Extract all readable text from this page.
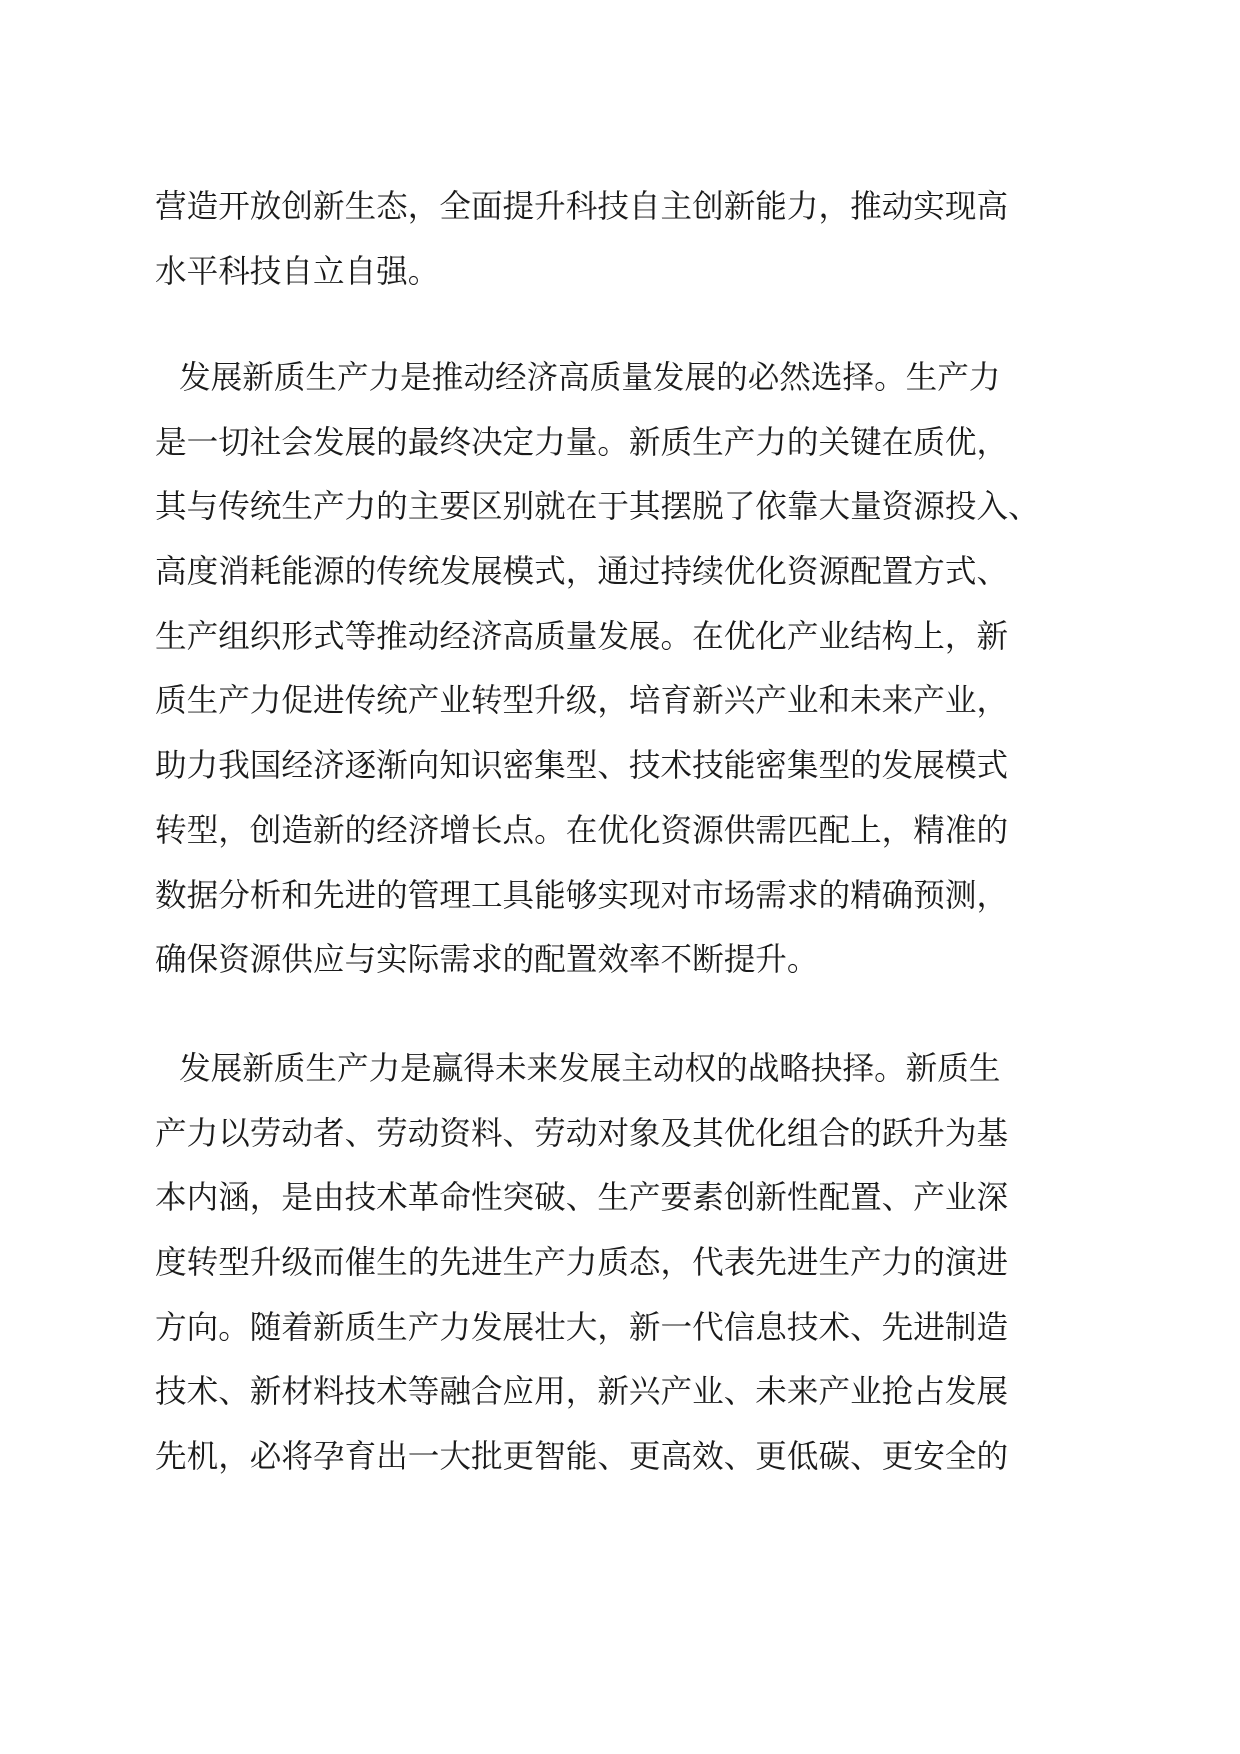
营造开放创新生态，全面提升科技自主创新能力，推动实现高
水平科技自立自强。
发展新质生产力是推动经济高质量发展的必然选择。生产力
是一切社会发展的最终决定力量。新质生产力的关键在质优，
其与传统生产力的主要区别就在于其摆脱了依靠大量资源投入、
高度消耗能源的传统发展模式，通过持续优化资源配置方式、
生产组织形式等推动经济高质量发展。在优化产业结构上，新
质生产力促进传统产业转型升级，培育新兴产业和未来产业，
助力我国经济逐渐向知识密集型、技术技能密集型的发展模式
转型，创造新的经济增长点。在优化资源供需匹配上，精准的
数据分析和先进的管理工具能够实现对市场需求的精确预测，
确保资源供应与实际需求的配置效率不断提升。
发展新质生产力是赢得未来发展主动权的战略抉择。新质生
产力以劳动者、劳动资料、劳动对象及其优化组合的跃升为基
本内涵，是由技术革命性突破、生产要素创新性配置、产业深
度转型升级而催生的先进生产力质态，代表先进生产力的演进
方向。随着新质生产力发展壮大，新一代信息技术、先进制造
技术、新材料技术等融合应用，新兴产业、未来产业抢占发展
先机，必将孕育出一大批更智能、更高效、更低碳、更安全的
